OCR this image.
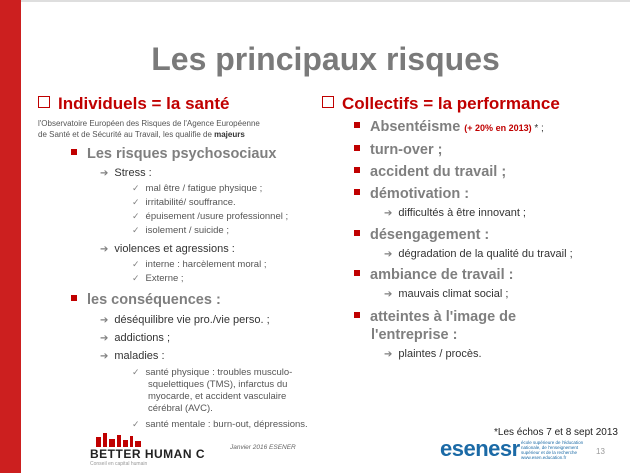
Les principaux risques
Individuels = la santé
l'Observatoire Européen des Risques de l'Agence Européenne
de Santé et de Sécurité au Travail, les qualifie de majeurs
Les risques psychosociaux
➔ Stress :
✓ mal être / fatigue physique ;
✓ irritabilité/ souffrance.
✓ épuisement /usure professionnel ;
✓ isolement / suicide ;
➔ violences et agressions :
✓ interne : harcèlement moral ;
✓ Externe ;
les conséquences :
➔ déséquilibre vie pro./vie perso. ;
➔ addictions ;
➔ maladies :
✓ santé physique : troubles musculo-
squelettiques (TMS), infarctus du
myocarde, et accident vasculaire
cérébral (AVC).
✓ santé mentale : burn-out, dépressions.
Collectifs = la performance
Absentéisme (+ 20% en 2013) * ;
turn-over ;
accident du travail ;
démotivation :
➔ difficultés à être innovant ;
désengagement :
➔ dégradation de la qualité du travail ;
ambiance de travail :
➔ mauvais climat social ;
atteintes à l'image de
l'entreprise :
➔ plaintes / procès.
BETTER HUMAN C
Conseil en capital humain
Janvier 2016 ESENER
*Les échos 7 et 8 sept 2013
esenesr école supérieure de l'éducation
nationale, de l'enseignement
supérieur et de la recherche
www.esen.education.fr
13
